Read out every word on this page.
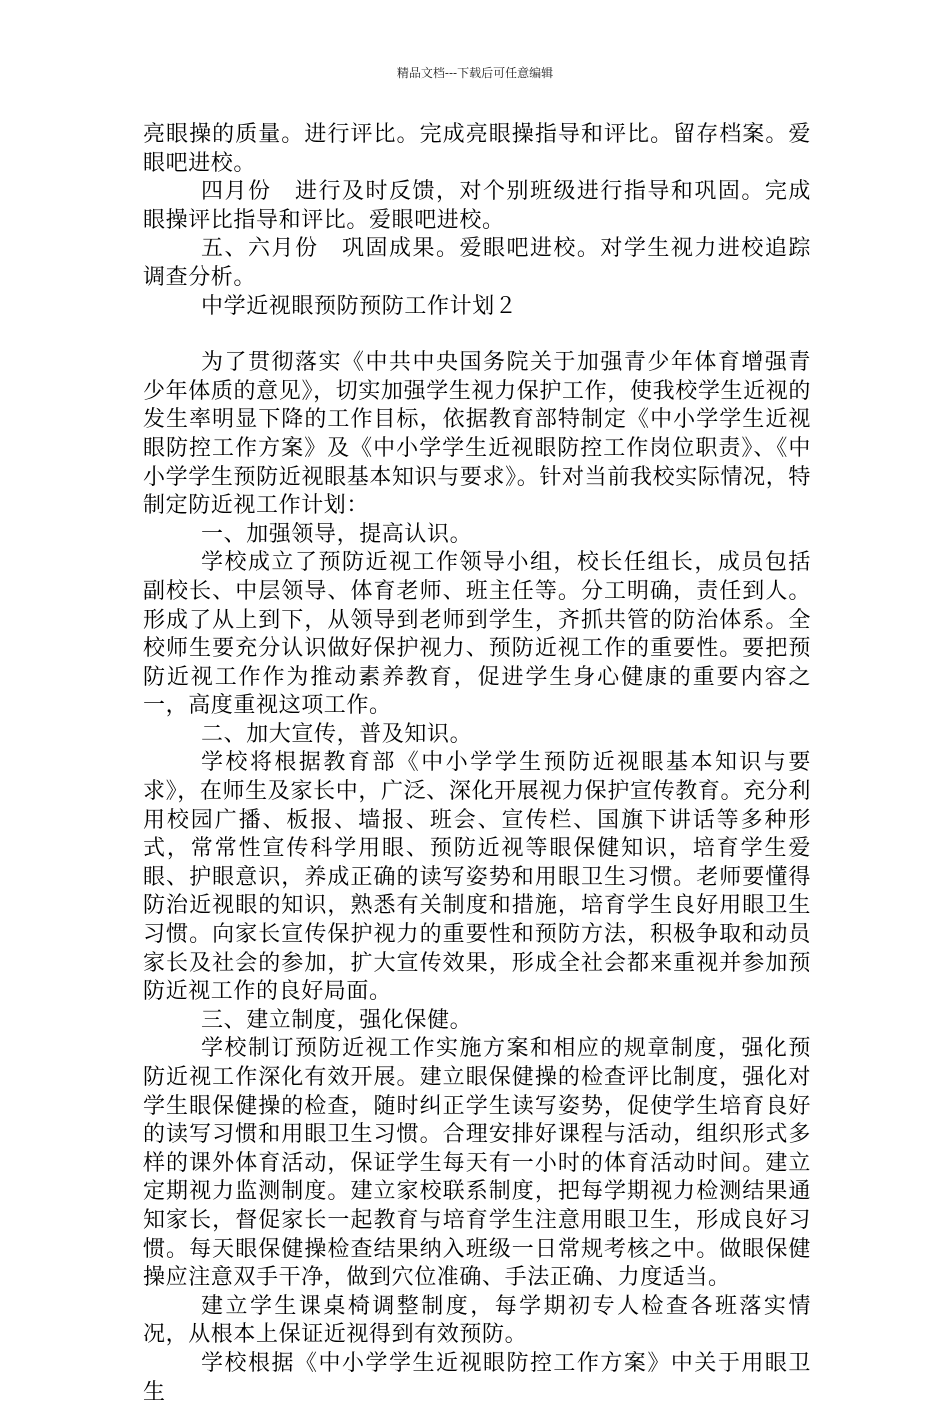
精品文档---下载后可任意编辑

亮眼操的质量。进行评比。完成亮眼操指导和评比。留存档案。爱眼吧进校。

四月份　进行及时反馈，对个别班级进行指导和巩固。完成眼操评比指导和评比。爱眼吧进校。

五、六月份　巩固成果。爱眼吧进校。对学生视力进校追踪调查分析。

中学近视眼预防预防工作计划２

为了贯彻落实《中共中央国务院关于加强青少年体育增强青少年体质的意见》，切实加强学生视力保护工作，使我校学生近视的发生率明显下降的工作目标，依据教育部特制定《中小学学生近视眼防控工作方案》及《中小学学生近视眼防控工作岗位职责》、《中小学学生预防近视眼基本知识与要求》。针对当前我校实际情况，特制定防近视工作计划：

一、加强领导，提高认识。

学校成立了预防近视工作领导小组，校长任组长，成员包括副校长、中层领导、体育老师、班主任等。分工明确，责任到人。形成了从上到下，从领导到老师到学生，齐抓共管的防治体系。全校师生要充分认识做好保护视力、预防近视工作的重要性。要把预防近视工作作为推动素养教育，促进学生身心健康的重要内容之一，高度重视这项工作。

二、加大宣传，普及知识。

学校将根据教育部《中小学学生预防近视眼基本知识与要求》，在师生及家长中，广泛、深化开展视力保护宣传教育。充分利用校园广播、板报、墙报、班会、宣传栏、国旗下讲话等多种形式，常常性宣传科学用眼、预防近视等眼保健知识，培育学生爱眼、护眼意识，养成正确的读写姿势和用眼卫生习惯。老师要懂得防治近视眼的知识，熟悉有关制度和措施，培育学生良好用眼卫生习惯。向家长宣传保护视力的重要性和预防方法，积极争取和动员家长及社会的参加，扩大宣传效果，形成全社会都来重视并参加预防近视工作的良好局面。

三、建立制度，强化保健。

学校制订预防近视工作实施方案和相应的规章制度，强化预防近视工作深化有效开展。建立眼保健操的检查评比制度，强化对学生眼保健操的检查，随时纠正学生读写姿势，促使学生培育良好的读写习惯和用眼卫生习惯。合理安排好课程与活动，组织形式多样的课外体育活动，保证学生每天有一小时的体育活动时间。建立定期视力监测制度。建立家校联系制度，把每学期视力检测结果通知家长，督促家长一起教育与培育学生注意用眼卫生，形成良好习惯。每天眼保健操检查结果纳入班级一日常规考核之中。做眼保健操应注意双手干净，做到穴位准确、手法正确、力度适当。

建立学生课桌椅调整制度，每学期初专人检查各班落实情况，从根本上保证近视得到有效预防。

学校根据《中小学学生近视眼防控工作方案》中关于用眼卫生
